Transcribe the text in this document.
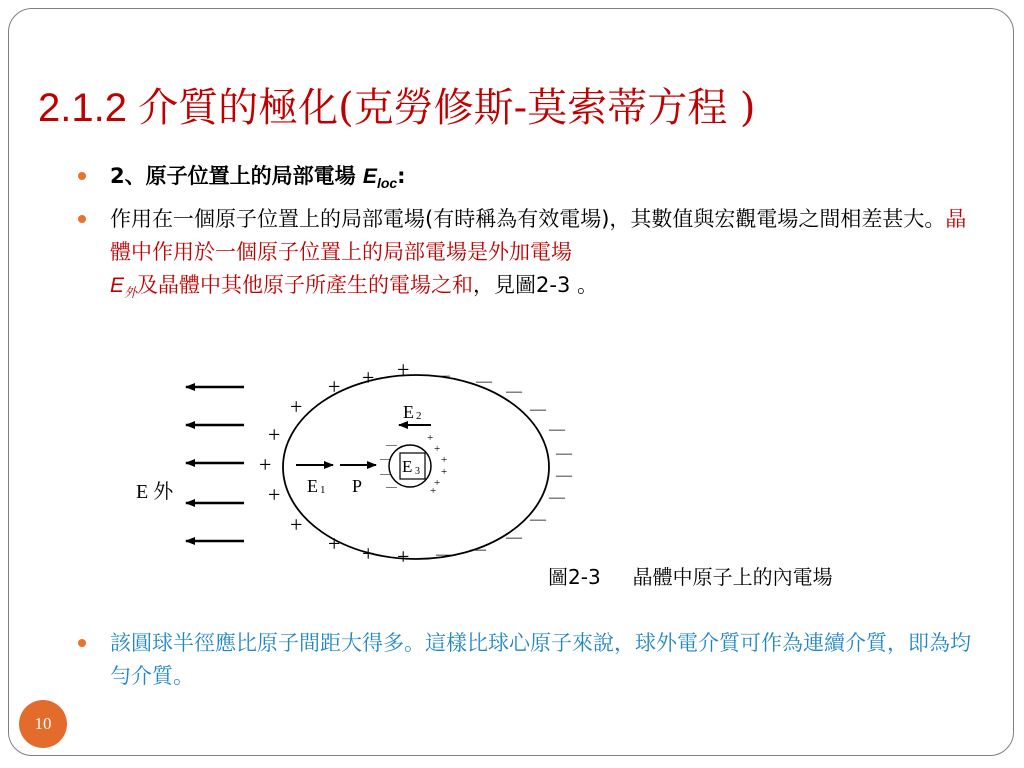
2.1.2 介質的極化(克勞修斯-莫索蒂方程 )
2、原子位置上的局部電場 $E_{loc}$:
作用在一個原子位置上的局部電場(有時稱為有效電場)，其數值與宏觀電場之間相差甚大。晶體中作用於一個原子位置上的局部電場是外加電場
$E_外$及晶體中其他原子所產生的電場之和，見圖2-3 。
+ + +
+
+
+
+
+
+ + +
— —
—
—
—
—
—
—
—
—
—
—
—
—
—
—
+
+
+
+
+
+
E 外	E 1 P
E 2
E 3
圖2-3 晶體中原子上的內電場
該圓球半徑應比原子間距大得多。這樣比球心原子來說，球外電介質可作為連續介質，即為均勻介質。
10
